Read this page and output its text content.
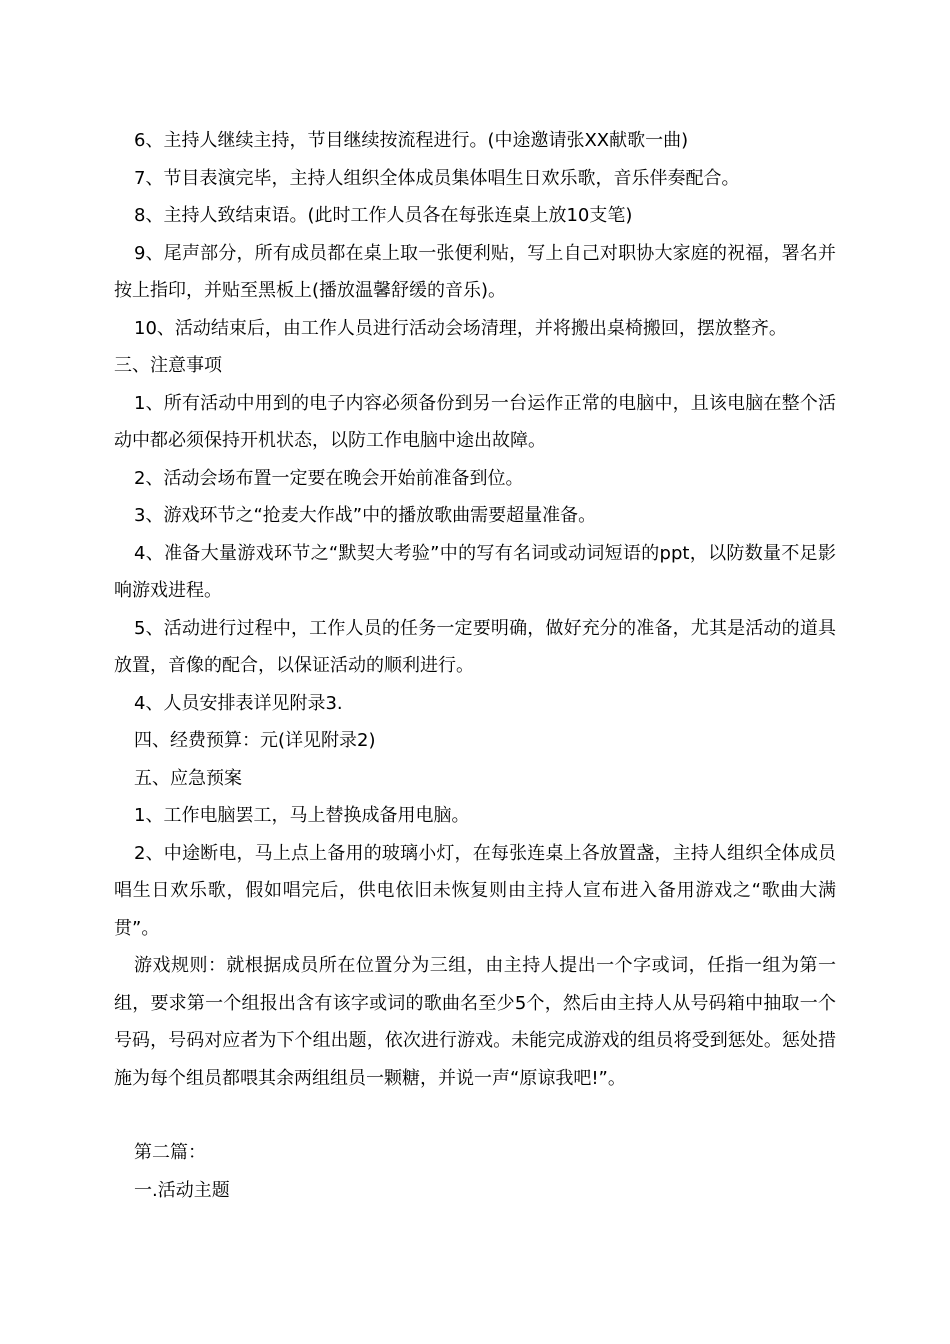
6、主持人继续主持，节目继续按流程进行。(中途邀请张XX献歌一曲)

7、节目表演完毕，主持人组织全体成员集体唱生日欢乐歌，音乐伴奏配合。

8、主持人致结束语。(此时工作人员各在每张连桌上放10支笔)

9、尾声部分，所有成员都在桌上取一张便利贴，写上自己对职协大家庭的祝福，署名并按上指印，并贴至黑板上(播放温馨舒缓的音乐)。

10、活动结束后，由工作人员进行活动会场清理，并将搬出桌椅搬回，摆放整齐。

三、注意事项

1、所有活动中用到的电子内容必须备份到另一台运作正常的电脑中，且该电脑在整个活动中都必须保持开机状态，以防工作电脑中途出故障。

2、活动会场布置一定要在晚会开始前准备到位。

3、游戏环节之“抢麦大作战”中的播放歌曲需要超量准备。

4、准备大量游戏环节之“默契大考验”中的写有名词或动词短语的ppt，以防数量不足影响游戏进程。

5、活动进行过程中，工作人员的任务一定要明确，做好充分的准备，尤其是活动的道具放置，音像的配合，以保证活动的顺利进行。

4、人员安排表详见附录3.

四、经费预算：元(详见附录2)

五、应急预案

1、工作电脑罢工，马上替换成备用电脑。

2、中途断电，马上点上备用的玻璃小灯，在每张连桌上各放置盏，主持人组织全体成员唱生日欢乐歌，假如唱完后，供电依旧未恢复则由主持人宣布进入备用游戏之“歌曲大满贯”。

游戏规则：就根据成员所在位置分为三组，由主持人提出一个字或词，任指一组为第一组，要求第一个组报出含有该字或词的歌曲名至少5个，然后由主持人从号码箱中抽取一个号码，号码对应者为下个组出题，依次进行游戏。未能完成游戏的组员将受到惩处。惩处措施为每个组员都喂其余两组组员一颗糖，并说一声“原谅我吧!”。

第二篇：

一.活动主题
